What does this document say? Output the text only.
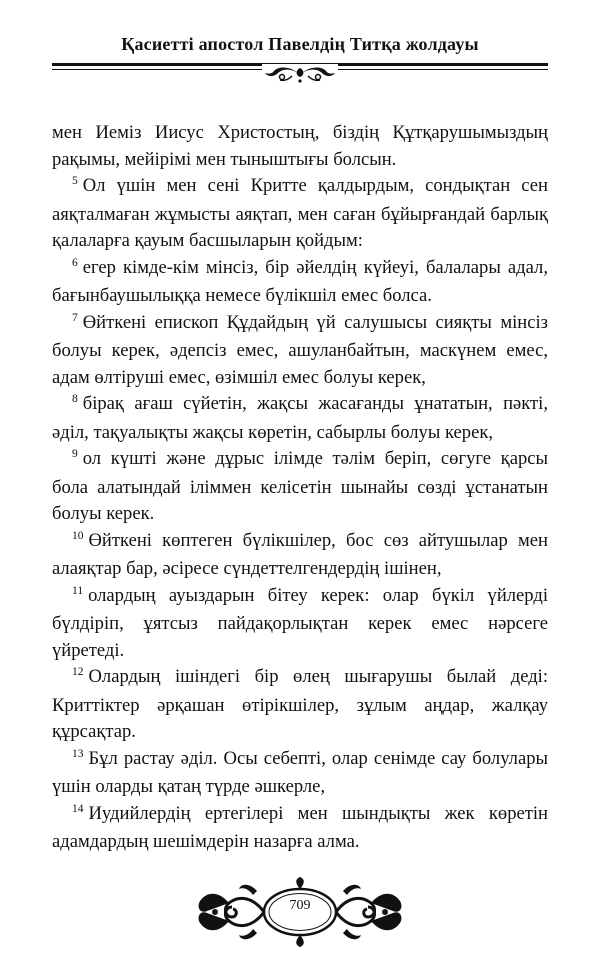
Қасиетті апостол Павелдің Титқа жолдауы

мен Иеміз Иисус Христостың, біздің Құтқарушымыздың рақымы, мейірімі мен тыныштығы болсын.

$^5$ Ол үшін мен сені Критте қалдырдым, сондықтан сен аяқталмаған жұмысты аяқтап, мен саған бұйырғандай барлық қалаларға қауым басшыларын қойдым:

$^6$ егер кімде-кім мінсіз, бір әйелдің күйеуі, балалары адал, бағынбаушылыққа немесе бүлікшіл емес болса.

$^7$ Өйткені епископ Құдайдың үй салушысы сияқты мінсіз болуы керек, әдепсіз емес, ашуланбайтын, маскүнем емес, адам өлтіруші емес, өзімшіл емес болуы керек,

$^8$ бірақ ағаш сүйетін, жақсы жасағанды ұнататын, пәкті, әділ, тақуалықты жақсы көретін, сабырлы болуы керек,

$^9$ ол күшті және дұрыс ілімде тәлім беріп, сөгуге қарсы бола алатындай іліммен келісетін шынайы сөзді ұстанатын болуы керек.

$^{10}$ Өйткені көптеген бүлікшілер, бос сөз айтушылар мен алаяқтар бар, әсіресе сүндеттелгендердің ішінен,

$^{11}$ олардың ауыздарын бітеу керек: олар бүкіл үйлерді бүлдіріп, ұятсыз пайдақорлықтан керек емес нәрсеге үйретеді.

$^{12}$ Олардың ішіндегі бір өлең шығарушы былай деді: Криттіктер әрқашан өтірікшілер, зұлым аңдар, жалқау құрсақтар.

$^{13}$ Бұл растау әділ. Осы себепті, олар сенімде сау болулары үшін оларды қатаң түрде әшкерле,

$^{14}$ Иудийлердің ертегілері мен шындықты жек көретін адамдардың шешімдерін назарға алма.

709
